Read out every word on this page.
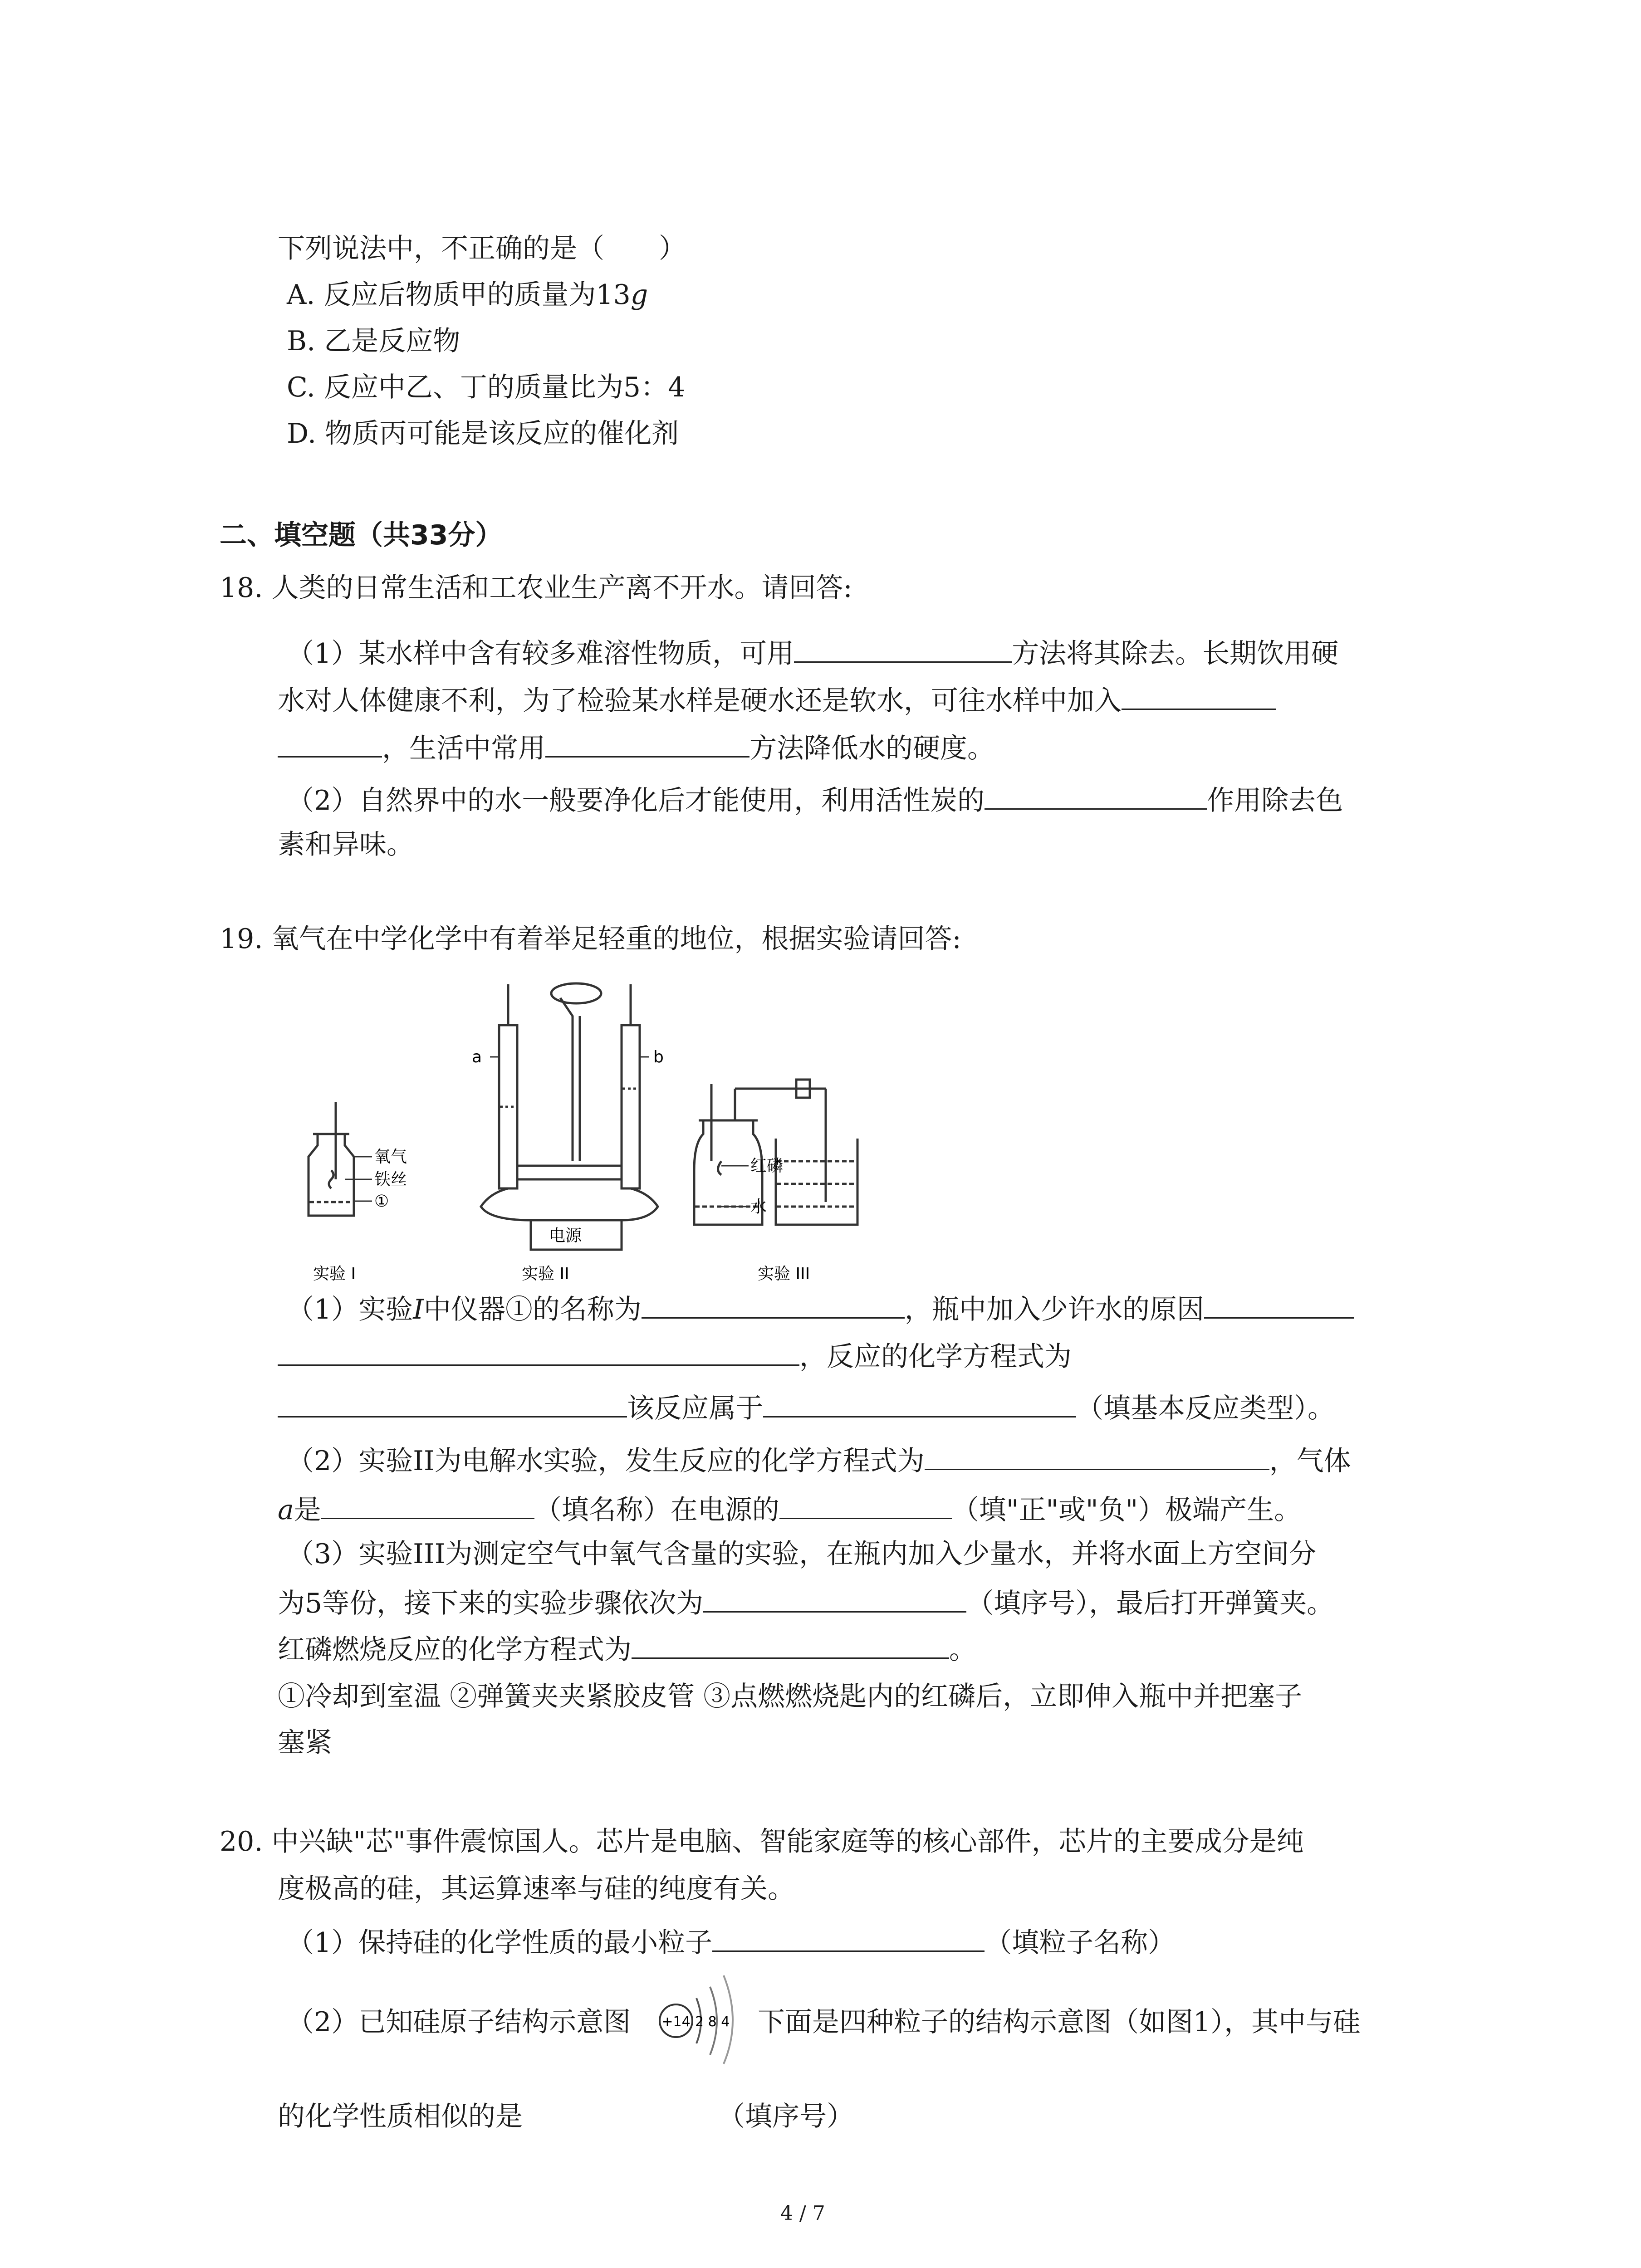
下列说法中，不正确的是（　　）
A. 反应后物质甲的质量为13g
B. 乙是反应物
C. 反应中乙、丁的质量比为5：4
D. 物质丙可能是该反应的催化剂
二、填空题（共33分）
18. 人类的日常生活和工农业生产离不开水。请回答:
（1）某水样中含有较多难溶性物质，可用	方法将其除去。长期饮用硬
水对人体健康不利，为了检验某水样是硬水还是软水，可往水样中加入
，生活中常用	方法降低水的硬度。
（2）自然界中的水一般要净化后才能使用，利用活性炭的	作用除去色
素和异味。
19. 氧气在中学化学中有着举足轻重的地位，根据实验请回答:
氧气
铁丝
①
实验 I
a	b
电源
实验 II
红磷
水
实验 III
（1）实验I中仪器①的名称为	，瓶中加入少许水的原因
，反应的化学方程式为
该反应属于	（填基本反应类型）。
（2）实验II为电解水实验，发生反应的化学方程式为	，气体
a是	（填名称）在电源的	（填"正"或"负"）极端产生。
（3）实验III为测定空气中氧气含量的实验，在瓶内加入少量水，并将水面上方空间分
为5等份，接下来的实验步骤依次为	（填序号），最后打开弹簧夹。
红磷燃烧反应的化学方程式为	。
①冷却到室温 ②弹簧夹夹紧胶皮管 ③点燃燃烧匙内的红磷后，立即伸入瓶中并把塞子
塞紧
20. 中兴缺"芯"事件震惊国人。芯片是电脑、智能家庭等的核心部件，芯片的主要成分是纯
度极高的硅，其运算速率与硅的纯度有关。
（1）保持硅的化学性质的最小粒子	（填粒子名称）
（2）已知硅原子结构示意图 +14 2 8 4 下面是四种粒子的结构示意图（如图1），其中与硅
的化学性质相似的是	（填序号）
4 / 7
